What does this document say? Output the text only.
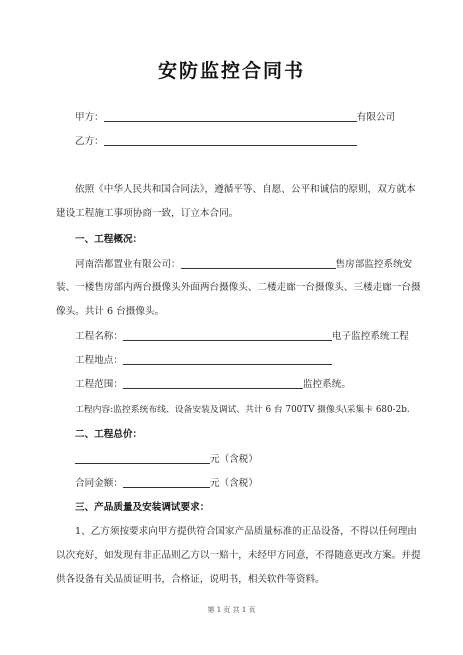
安防监控合同书
甲方：	有限公司
乙方：
依照《中华人民共和国合同法》，遵循平等、自愿、公平和诚信的原则，双方就本
建设工程施工事项协商一致，订立本合同。
一、工程概况：
河南浩都置业有限公司：	售房部监控系统安
装、一楼售房部内两台摄像头外面两台摄像头、二楼走廊一台摄像头、三楼走廊一台摄
像头。共计 6 台摄像头。
工程名称：	电子监控系统工程
工程地点：
工程范围：	监控系统。
工程内容:监控系统布线、设备安装及调试、共计 6 台 700TV 摄像头\采集卡 680-2b.
二、工程总价：
元（含税）
合同金额：	元（含税）
三、产品质量及安装调试要求：
1、乙方须按要求向甲方提供符合国家产品质量标准的正品设备，不得以任何理由
以次充好，如发现有非正品则乙方以一赔十，未经甲方同意，不得随意更改方案。并提
供各设备有关品质证明书，合格证，说明书，相关软件等资料。
第 1 页 共 1 页
